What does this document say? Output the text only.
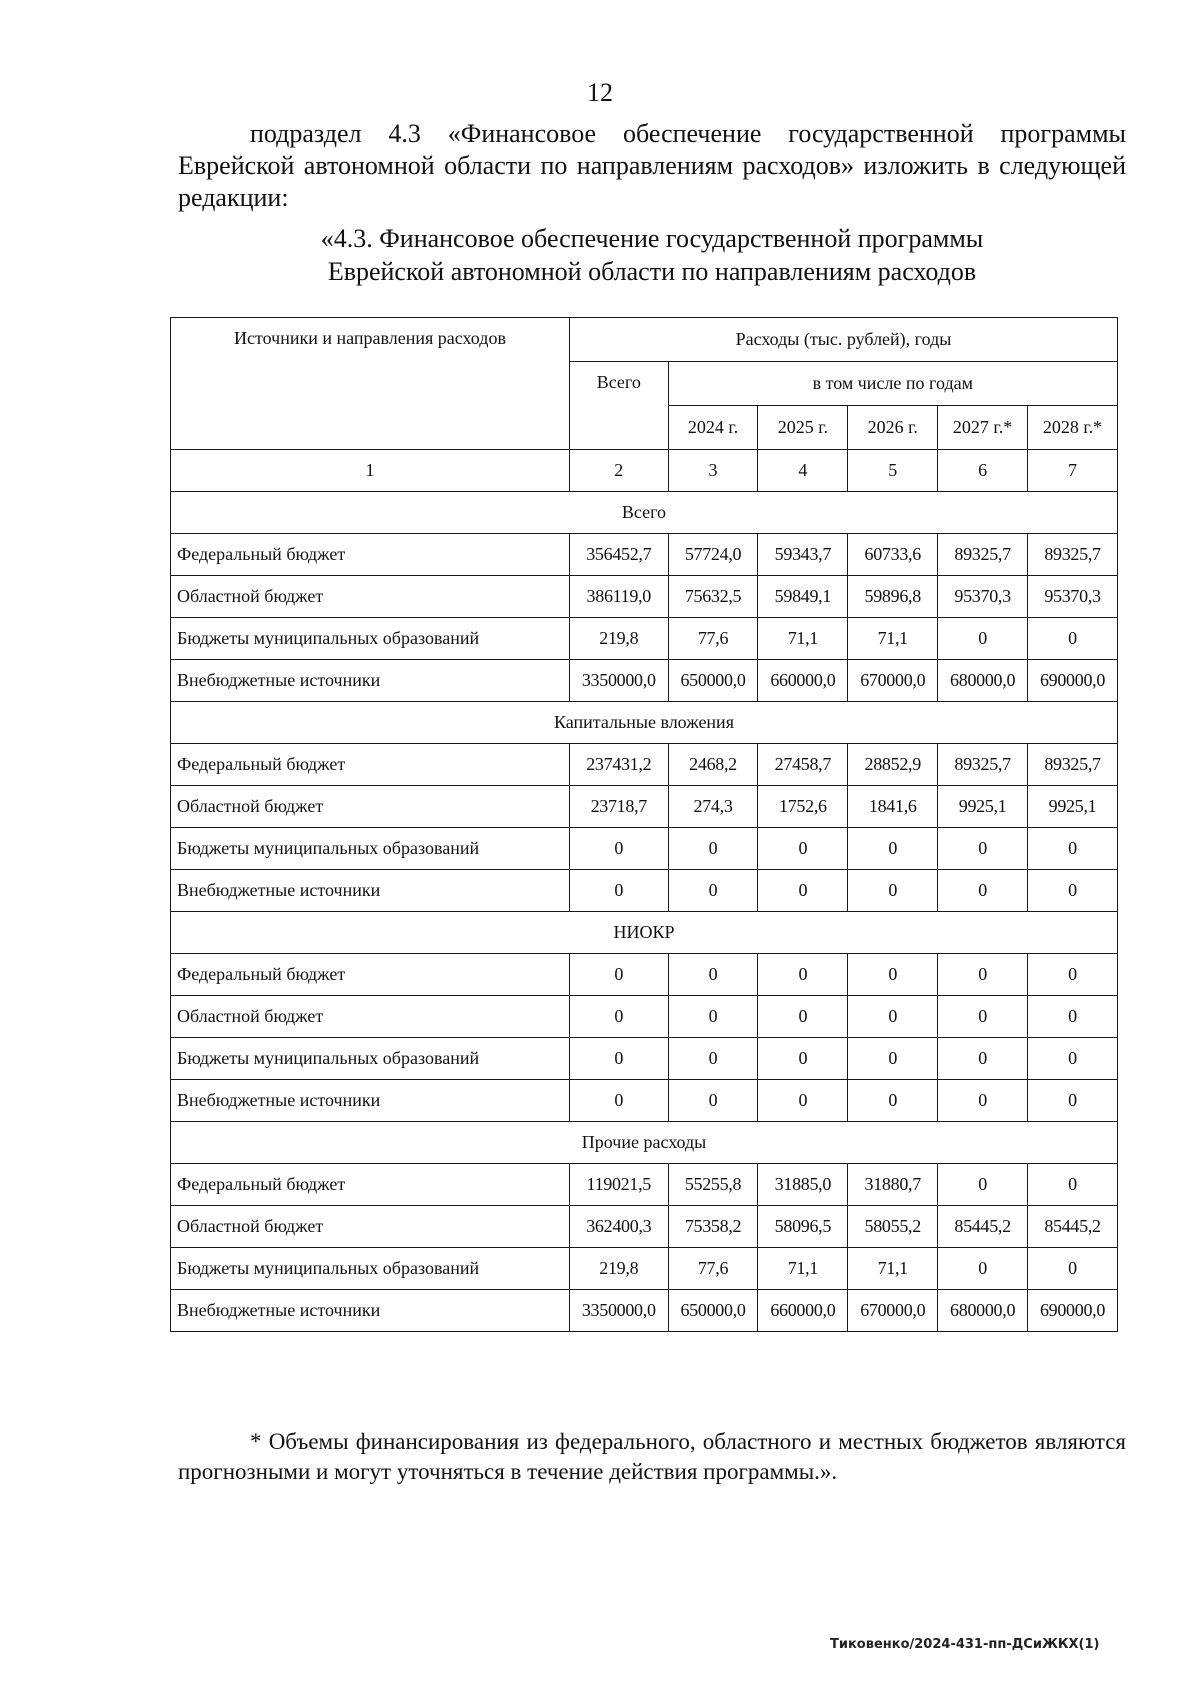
12

подраздел 4.3 «Финансовое обеспечение государственной программы Еврейской автономной области по направлениям расходов» изложить в следующей редакции:

«4.3. Финансовое обеспечение государственной программы
Еврейской автономной области по направлениям расходов
Источники и направления расходов	Расходы (тыс. рублей), годы					
	Всего	в том числе по годам				
		2024 г.	2025 г.	2026 г.	2027 г.*	2028 г.*
1	2	3	4	5	6	7
Всего						
Федеральный бюджет	356452,7	57724,0	59343,7	60733,6	89325,7	89325,7
Областной бюджет	386119,0	75632,5	59849,1	59896,8	95370,3	95370,3
Бюджеты муниципальных образований	219,8	77,6	71,1	71,1	0	0
Внебюджетные источники	3350000,0	650000,0	660000,0	670000,0	680000,0	690000,0
Капитальные вложения						
Федеральный бюджет	237431,2	2468,2	27458,7	28852,9	89325,7	89325,7
Областной бюджет	23718,7	274,3	1752,6	1841,6	9925,1	9925,1
Бюджеты муниципальных образований	0	0	0	0	0	0
Внебюджетные источники	0	0	0	0	0	0
НИОКР						
Федеральный бюджет	0	0	0	0	0	0
Областной бюджет	0	0	0	0	0	0
Бюджеты муниципальных образований	0	0	0	0	0	0
Внебюджетные источники	0	0	0	0	0	0
Прочие расходы						
Федеральный бюджет	119021,5	55255,8	31885,0	31880,7	0	0
Областной бюджет	362400,3	75358,2	58096,5	58055,2	85445,2	85445,2
Бюджеты муниципальных образований	219,8	77,6	71,1	71,1	0	0
Внебюджетные источники	3350000,0	650000,0	660000,0	670000,0	680000,0	690000,0

* Объемы финансирования из федерального, областного и местных бюджетов являются прогнозными и могут уточняться в течение действия программы.».

Тиковенко/2024-431-пп-ДСиЖКХ(1)
